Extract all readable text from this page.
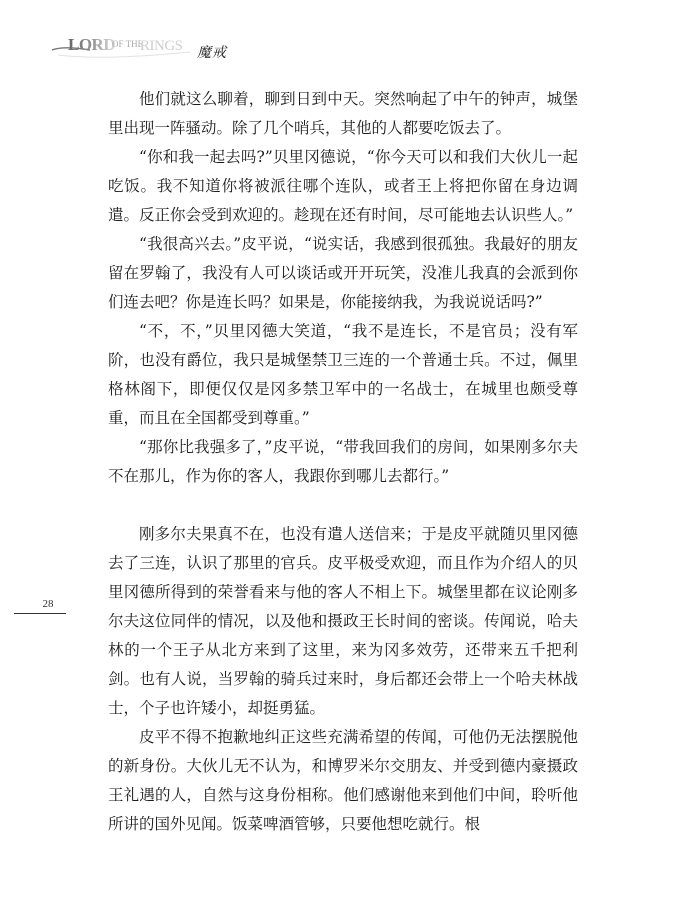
LORD
OF THE
RINGS 魔戒
28

他们就这么聊着，聊到日到中天。突然响起了中午的钟声，城堡里出现一阵骚动。除了几个哨兵，其他的人都要吃饭去了。

“你和我一起去吗?”贝里冈德说，“你今天可以和我们大伙儿一起吃饭。我不知道你将被派往哪个连队，或者王上将把你留在身边调遣。反正你会受到欢迎的。趁现在还有时间，尽可能地去认识些人。”

“我很高兴去。”皮平说，“说实话，我感到很孤独。我最好的朋友留在罗翰了，我没有人可以谈话或开开玩笑，没准儿我真的会派到你们连去吧？你是连长吗？如果是，你能接纳我，为我说说话吗?”

“不，不，”贝里冈德大笑道，“我不是连长，不是官员；没有军阶，也没有爵位，我只是城堡禁卫三连的一个普通士兵。不过，佩里格林阁下，即便仅仅是冈多禁卫军中的一名战士，在城里也颇受尊重，而且在全国都受到尊重。”

“那你比我强多了，”皮平说，“带我回我们的房间，如果刚多尔夫不在那儿，作为你的客人，我跟你到哪儿去都行。”

刚多尔夫果真不在，也没有遣人送信来；于是皮平就随贝里冈德去了三连，认识了那里的官兵。皮平极受欢迎，而且作为介绍人的贝里冈德所得到的荣誉看来与他的客人不相上下。城堡里都在议论刚多尔夫这位同伴的情况，以及他和摄政王长时间的密谈。传闻说，哈夫林的一个王子从北方来到了这里，来为冈多效劳，还带来五千把利剑。也有人说，当罗翰的骑兵过来时，身后都还会带上一个哈夫林战士，个子也许矮小，却挺勇猛。

皮平不得不抱歉地纠正这些充满希望的传闻，可他仍无法摆脱他的新身份。大伙儿无不认为，和博罗米尔交朋友、并受到德内豪摄政王礼遇的人，自然与这身份相称。他们感谢他来到他们中间，聆听他所讲的国外见闻。饭菜啤酒管够，只要他想吃就行。根
